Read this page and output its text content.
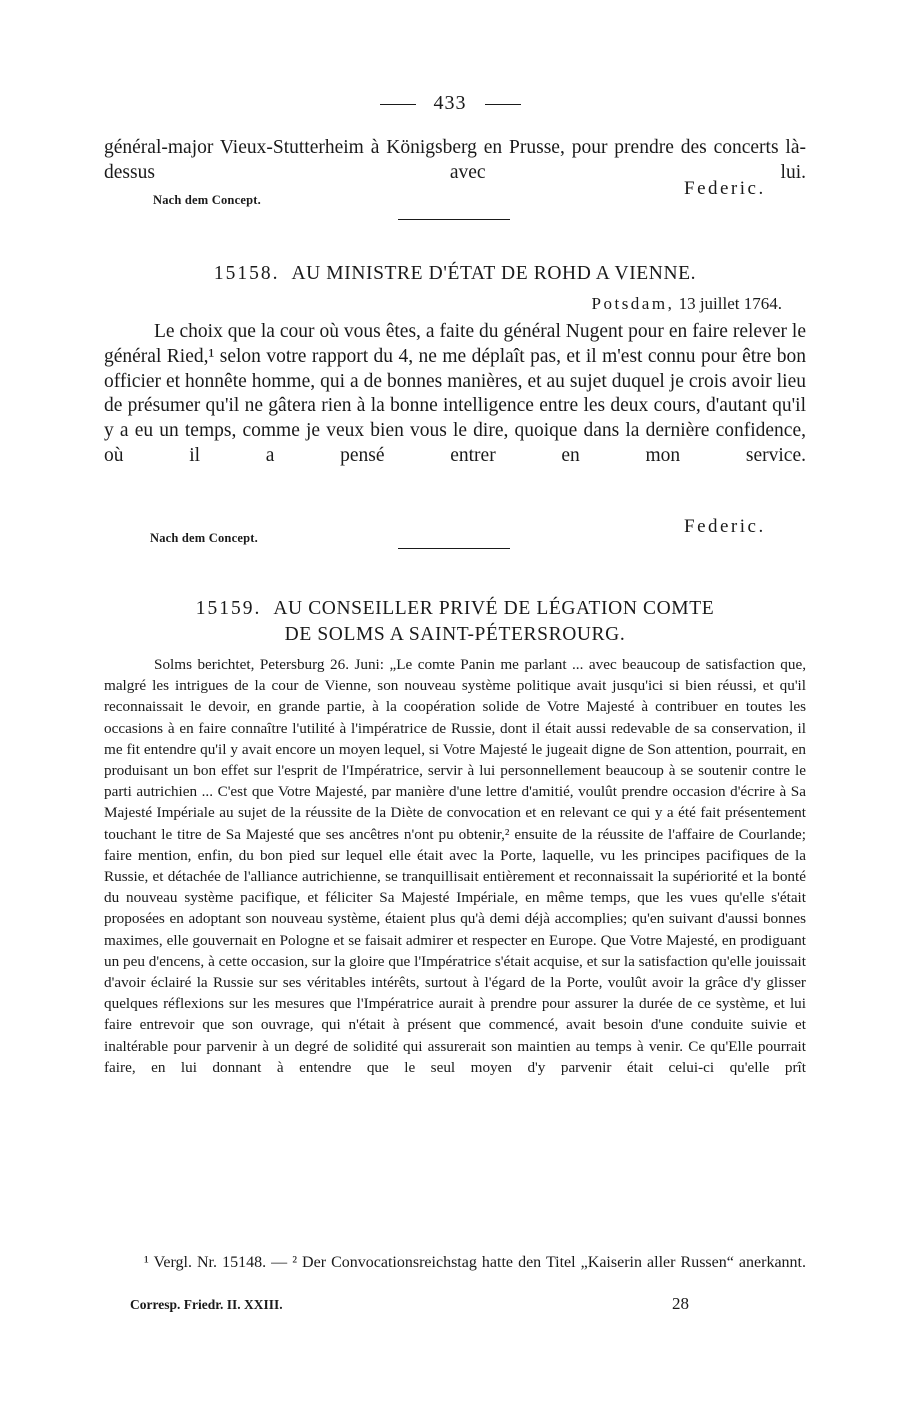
433
général-major Vieux-Stutterheim à Königsberg en Prusse, pour prendre des concerts là-dessus avec lui.
Federic.
Nach dem Concept.
15158. AU MINISTRE D'ÉTAT DE ROHD A VIENNE.
Potsdam, 13 juillet 1764.
Le choix que la cour où vous êtes, a faite du général Nugent pour en faire relever le général Ried,¹ selon votre rapport du 4, ne me déplaît pas, et il m'est connu pour être bon officier et honnête homme, qui a de bonnes manières, et au sujet duquel je crois avoir lieu de présumer qu'il ne gâtera rien à la bonne intelligence entre les deux cours, d'autant qu'il y a eu un temps, comme je veux bien vous le dire, quoique dans la dernière confidence, où il a pensé entrer en mon service.
Federic.
Nach dem Concept.
15159. AU CONSEILLER PRIVÉ DE LÉGATION COMTE
DE SOLMS A SAINT-PÉTERSROURG.
Solms berichtet, Petersburg 26. Juni: „Le comte Panin me parlant ... avec beaucoup de satisfaction que, malgré les intrigues de la cour de Vienne, son nouveau système politique avait jusqu'ici si bien réussi, et qu'il reconnaissait le devoir, en grande partie, à la coopération solide de Votre Majesté à contribuer en toutes les occasions à en faire connaître l'utilité à l'impératrice de Russie, dont il était aussi redevable de sa conservation, il me fit entendre qu'il y avait encore un moyen lequel, si Votre Majesté le jugeait digne de Son attention, pourrait, en produisant un bon effet sur l'esprit de l'Impératrice, servir à lui personnellement beaucoup à se soutenir contre le parti autrichien ... C'est que Votre Majesté, par manière d'une lettre d'amitié, voulût prendre occasion d'écrire à Sa Majesté Impériale au sujet de la réussite de la Diète de convocation et en relevant ce qui y a été fait présentement touchant le titre de Sa Majesté que ses ancêtres n'ont pu obtenir,² ensuite de la réussite de l'affaire de Courlande; faire mention, enfin, du bon pied sur lequel elle était avec la Porte, laquelle, vu les principes pacifiques de la Russie, et détachée de l'alliance autrichienne, se tranquillisait entièrement et reconnaissait la supériorité et la bonté du nouveau système pacifique, et féliciter Sa Majesté Impériale, en même temps, que les vues qu'elle s'était proposées en adoptant son nouveau système, étaient plus qu'à demi déjà accomplies; qu'en suivant d'aussi bonnes maximes, elle gouvernait en Pologne et se faisait admirer et respecter en Europe. Que Votre Majesté, en prodiguant un peu d'encens, à cette occasion, sur la gloire que l'Impératrice s'était acquise, et sur la satisfaction qu'elle jouissait d'avoir éclairé la Russie sur ses véritables intérêts, surtout à l'égard de la Porte, voulût avoir la grâce d'y glisser quelques réflexions sur les mesures que l'Impératrice aurait à prendre pour assurer la durée de ce système, et lui faire entrevoir que son ouvrage, qui n'était à présent que commencé, avait besoin d'une conduite suivie et inaltérable pour parvenir à un degré de solidité qui assurerait son maintien au temps à venir. Ce qu'Elle pourrait faire, en lui donnant à entendre que le seul moyen d'y parvenir était celui-ci qu'elle prît
¹ Vergl. Nr. 15148. — ² Der Convocationsreichstag hatte den Titel „Kaiserin aller Russen“ anerkannt.
Corresp. Friedr. II. XXIII.	28
